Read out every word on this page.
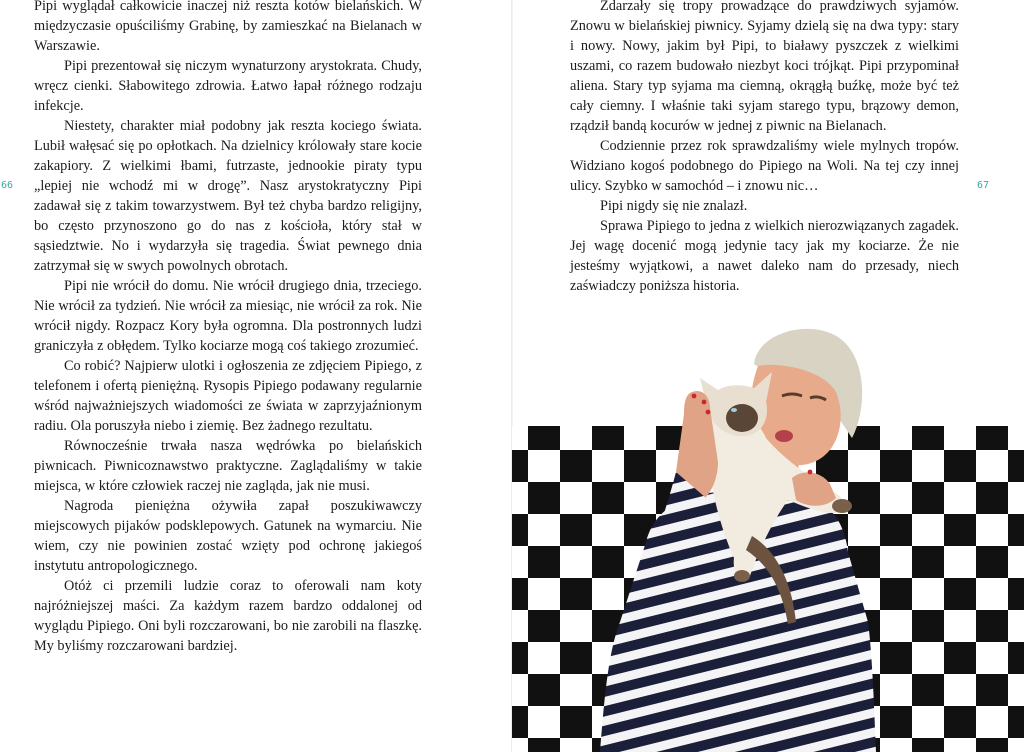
66

Pipi wyglądał całkowicie inaczej niż reszta kotów bielańskich. W międzyczasie opuściliśmy Grabinę, by zamieszkać na Bielanach w Warszawie.

Pipi prezentował się niczym wynaturzony arystokrata. Chudy, wręcz cienki. Słabowitego zdrowia. Łatwo łapał różnego rodzaju infekcje.

Niestety, charakter miał podobny jak reszta kociego świata. Lubił wałęsać się po opłotkach. Na dzielnicy królowały stare kocie zakapiory. Z wielkimi łbami, futrzaste, jednookie piraty typu „lepiej nie wchodź mi w drogę”. Nasz arystokratyczny Pipi zadawał się z takim towarzystwem. Był też chyba bardzo religijny, bo często przynoszono go do nas z kościoła, który stał w sąsiedztwie. No i wydarzyła się tragedia. Świat pewnego dnia zatrzymał się w swych powolnych obrotach.

Pipi nie wrócił do domu. Nie wrócił drugiego dnia, trzeciego. Nie wrócił za tydzień. Nie wrócił za miesiąc, nie wrócił za rok. Nie wrócił nigdy. Rozpacz Kory była ogromna. Dla postronnych ludzi graniczyła z obłędem. Tylko kociarze mogą coś takiego zrozumieć.

Co robić? Najpierw ulotki i ogłoszenia ze zdjęciem Pipiego, z telefonem i ofertą pieniężną. Rysopis Pipiego podawany regularnie wśród najważniejszych wiadomości ze świata w zaprzyjaźnionym radiu. Ola poruszyła niebo i ziemię. Bez żadnego rezultatu.

Równocześnie trwała nasza wędrówka po bielańskich piwnicach. Piwnicoznawstwo praktyczne. Zaglądaliśmy w takie miejsca, w które człowiek raczej nie zagląda, jak nie musi.

Nagroda pieniężna ożywiła zapał poszukiwawczy miejscowych pijaków podsklepowych. Gatunek na wymarciu. Nie wiem, czy nie powinien zostać wzięty pod ochronę jakiegoś instytutu antropologicznego.

Otóż ci przemili ludzie coraz to oferowali nam koty najróżniejszej maści. Za każdym razem bardzo oddalonej od wyglądu Pipiego. Oni byli rozczarowani, bo nie zarobili na flaszkę. My byliśmy rozczarowani bardziej.

67

Zdarzały się tropy prowadzące do prawdziwych syjamów. Znowu w bielańskiej piwnicy. Syjamy dzielą się na dwa typy: stary i nowy. Nowy, jakim był Pipi, to białawy pyszczek z wielkimi uszami, co razem budowało niezbyt koci trójkąt. Pipi przypominał aliena. Stary typ syjama ma ciemną, okrągłą buźkę, może być też cały ciemny. I właśnie taki syjam starego typu, brązowy demon, rządził bandą kocurów w jednej z piwnic na Bielanach.

Codziennie przez rok sprawdzaliśmy wiele mylnych tropów. Widziano kogoś podobnego do Pipiego na Woli. Na tej czy innej ulicy. Szybko w samochód – i znowu nic…

Pipi nigdy się nie znalazł.

Sprawa Pipiego to jedna z wielkich nierozwiązanych zagadek. Jej wagę docenić mogą jedynie tacy jak my kociarze. Że nie jesteśmy wyjątkowi, a nawet daleko nam do przesady, niech zaświadczy poniższa historia.
